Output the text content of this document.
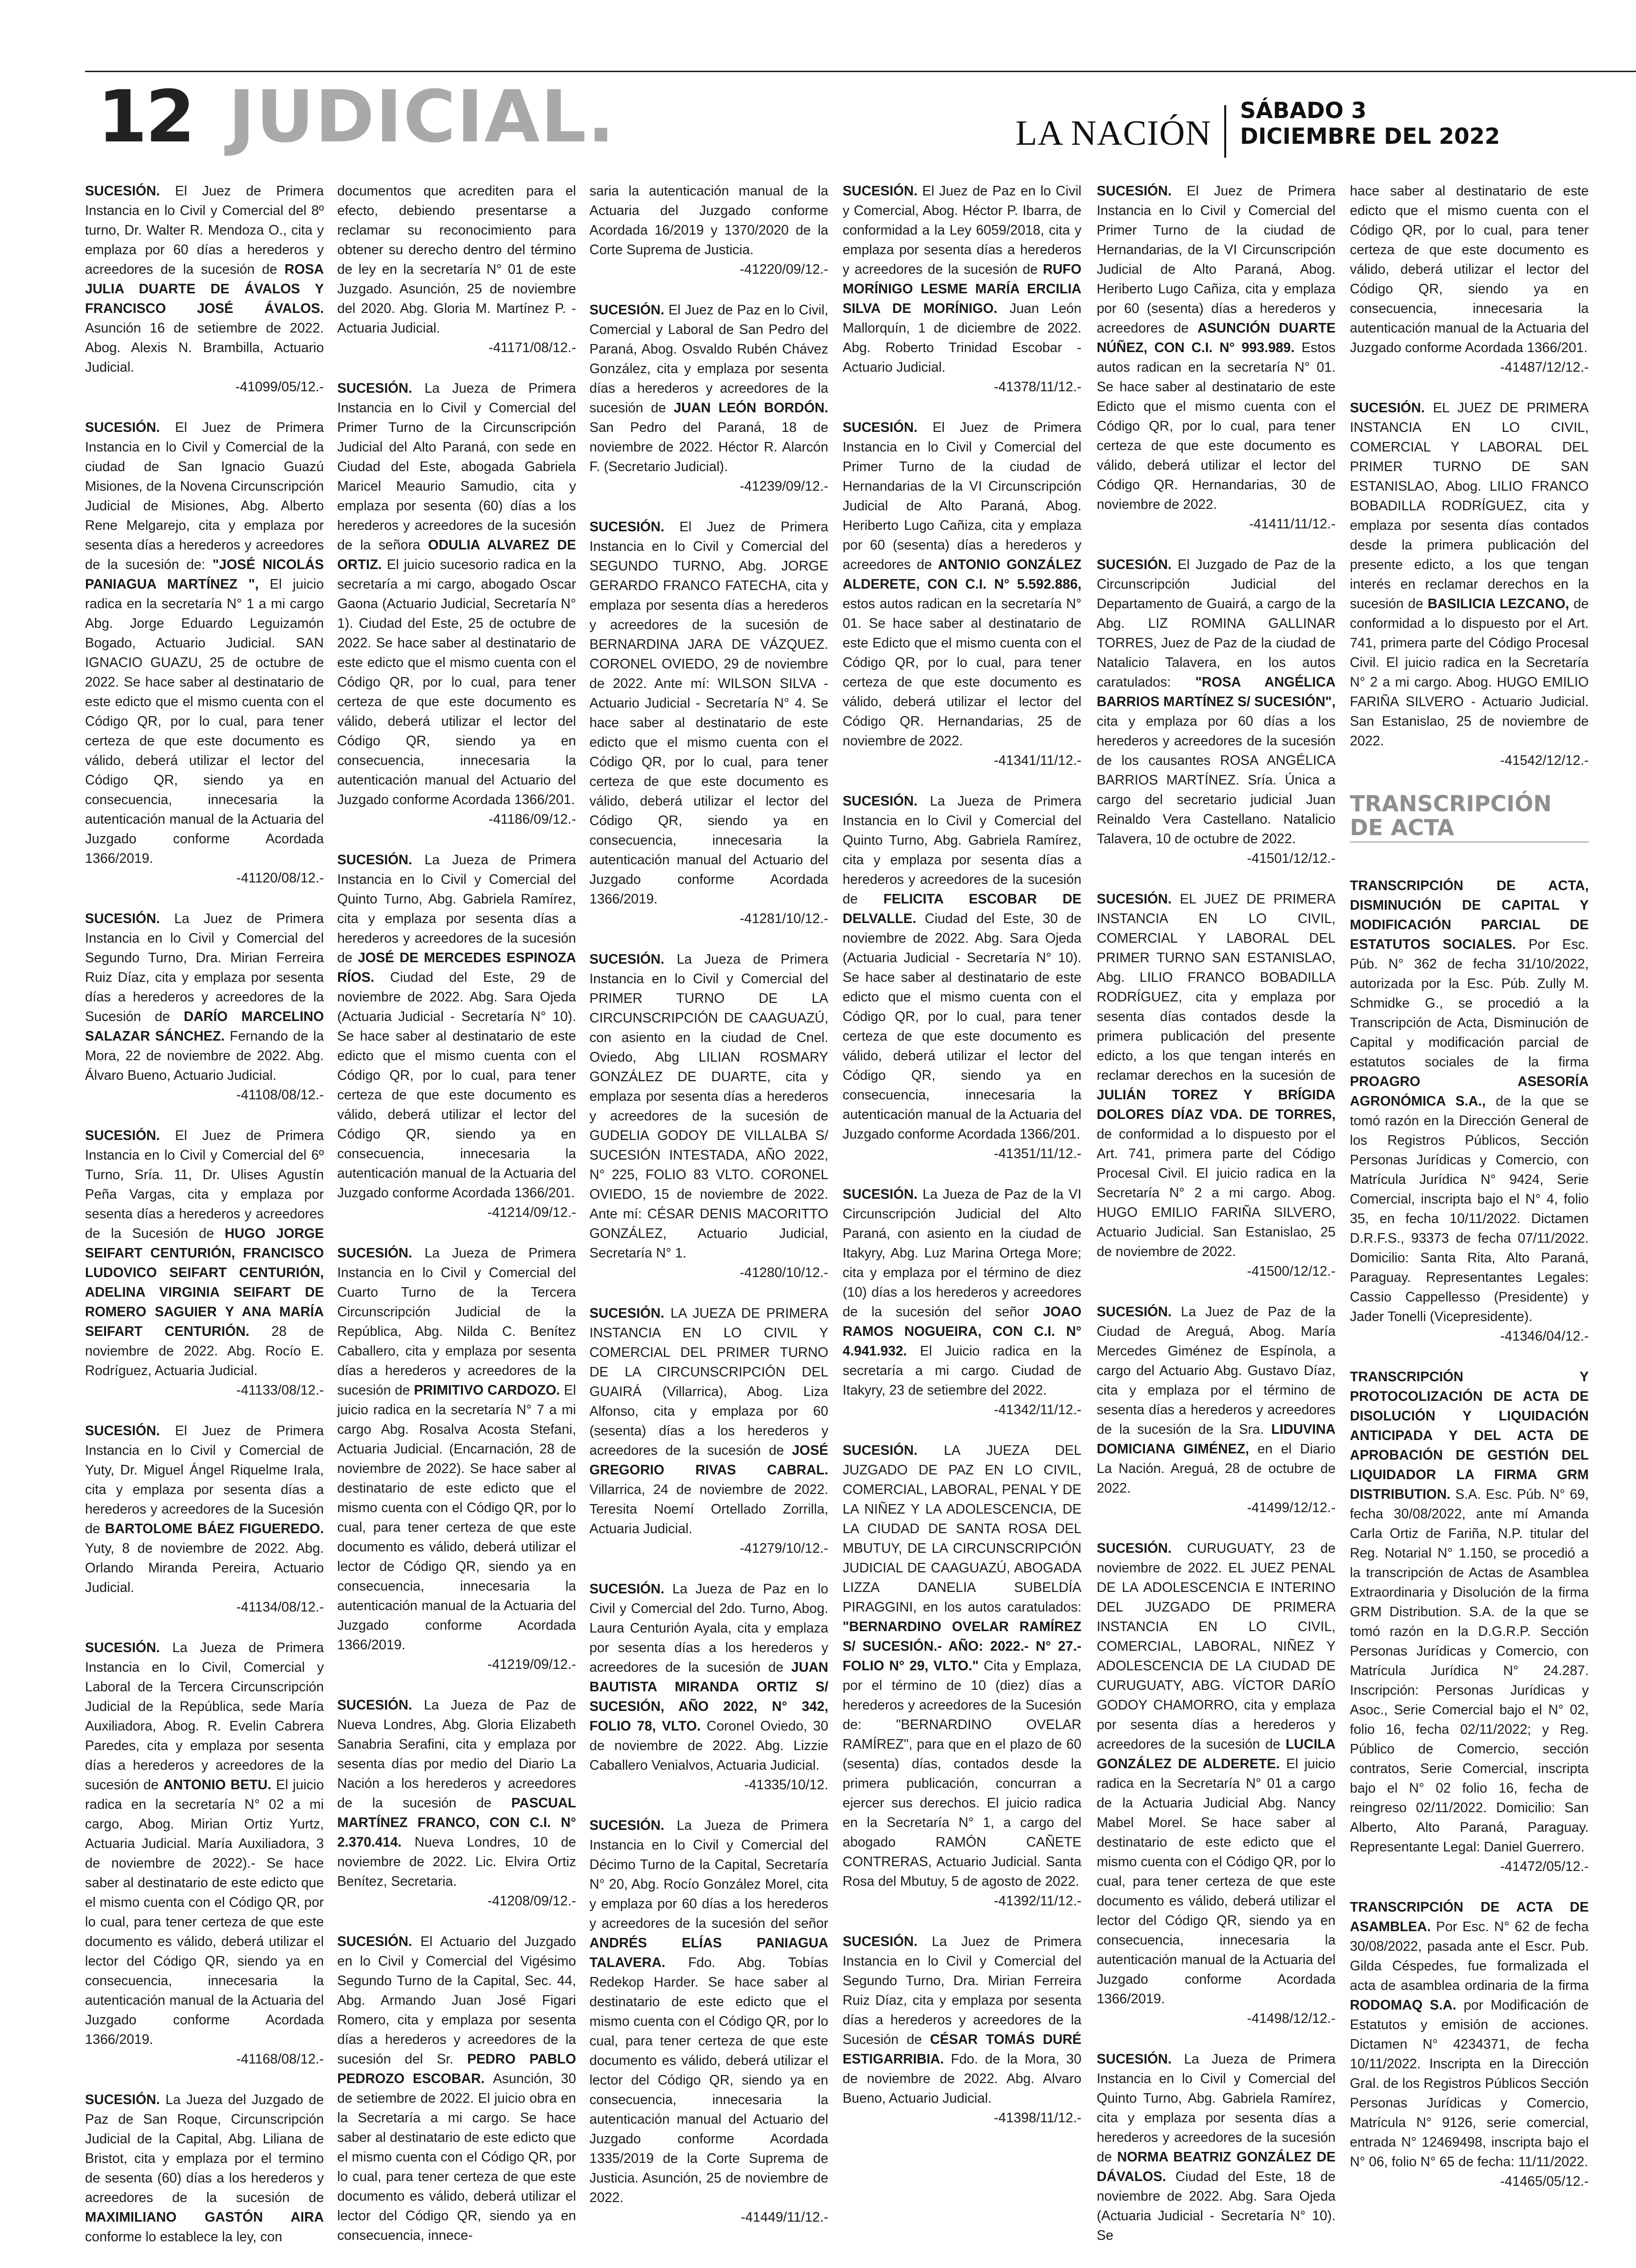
12 JUDICIAL.	LA NACIÓN
SÁBADO 3
DICIEMBRE DEL 2022
SUCESIÓN. El Juez de Primera Instancia en lo Civil y Comercial del 8º turno, Dr. Walter R. Mendoza O., cita y emplaza por 60 días a herederos y acreedores de la sucesión de ROSA JULIA DUARTE DE ÁVALOS Y FRANCISCO JOSÉ ÁVALOS. Asunción 16 de setiembre de 2022. Abog. Alexis N. Brambilla, Actuario Judicial.
-41099/05/12.-
SUCESIÓN. El Juez de Primera Instancia en lo Civil y Comercial de la ciudad de San Ignacio Guazú Misiones, de la Novena Circunscripción Judicial de Misiones, Abg. Alberto Rene Melgarejo, cita y emplaza por sesenta días a herederos y acreedores de la sucesión de: "JOSÉ NICOLÁS PANIAGUA MARTÍNEZ ", El juicio radica en la secretaría N° 1 a mi cargo Abg. Jorge Eduardo Leguizamón Bogado, Actuario Judicial. SAN IGNACIO GUAZU, 25 de octubre de 2022. Se hace saber al destinatario de este edicto que el mismo cuenta con el Código QR, por lo cual, para tener certeza de que este documento es válido, deberá utilizar el lector del Código QR, siendo ya en consecuencia, innecesaria la autenticación manual de la Actuaria del Juzgado conforme Acordada 1366/2019.
-41120/08/12.-
SUCESIÓN. La Juez de Primera Instancia en lo Civil y Comercial del Segundo Turno, Dra. Mirian Ferreira Ruiz Díaz, cita y emplaza por sesenta días a herederos y acreedores de la Sucesión de DARÍO MARCELINO SALAZAR SÁNCHEZ. Fernando de la Mora, 22 de noviembre de 2022. Abg. Álvaro Bueno, Actuario Judicial.
-41108/08/12.-
SUCESIÓN. El Juez de Primera Instancia en lo Civil y Comercial del 6º Turno, Sría. 11, Dr. Ulises Agustín Peña Vargas, cita y emplaza por sesenta días a herederos y acreedores de la Sucesión de HUGO JORGE SEIFART CENTURIÓN, FRANCISCO LUDOVICO SEIFART CENTURIÓN, ADELINA VIRGINIA SEIFART DE ROMERO SAGUIER Y ANA MARÍA SEIFART CENTURIÓN. 28 de noviembre de 2022. Abg. Rocío E. Rodríguez, Actuaria Judicial.
-41133/08/12.-
SUCESIÓN. El Juez de Primera Instancia en lo Civil y Comercial de Yuty, Dr. Miguel Ángel Riquelme Irala, cita y emplaza por sesenta días a herederos y acreedores de la Sucesión de BARTOLOME BÁEZ FIGUEREDO. Yuty, 8 de noviembre de 2022. Abg. Orlando Miranda Pereira, Actuario Judicial.
-41134/08/12.-
SUCESIÓN. La Jueza de Primera Instancia en lo Civil, Comercial y Laboral de la Tercera Circunscripción Judicial de la República, sede María Auxiliadora, Abog. R. Evelin Cabrera Paredes, cita y emplaza por sesenta días a herederos y acreedores de la sucesión de ANTONIO BETU. El juicio radica en la secretaría N° 02 a mi cargo, Abog. Mirian Ortiz Yurtz, Actuaria Judicial. María Auxiliadora, 3 de noviembre de 2022).- Se hace saber al destinatario de este edicto que el mismo cuenta con el Código QR, por lo cual, para tener certeza de que este documento es válido, deberá utilizar el lector del Código QR, siendo ya en consecuencia, innecesaria la autenticación manual de la Actuaria del Juzgado conforme Acordada 1366/2019.
-41168/08/12.-
SUCESIÓN. La Jueza del Juzgado de Paz de San Roque, Circunscripción Judicial de la Capital, Abg. Liliana de Bristot, cita y emplaza por el termino de sesenta (60) días a los herederos y acreedores de la sucesión de MAXIMILIANO GASTÓN AIRA conforme lo establece la ley, con
documentos que acrediten para el efecto, debiendo presentarse a reclamar su reconocimiento para obtener su derecho dentro del término de ley en la secretaría N° 01 de este Juzgado. Asunción, 25 de noviembre del 2020. Abg. Gloria M. Martínez P. - Actuaria Judicial.
-41171/08/12.-
SUCESIÓN. La Jueza de Primera Instancia en lo Civil y Comercial del Primer Turno de la Circunscripción Judicial del Alto Paraná, con sede en Ciudad del Este, abogada Gabriela Maricel Meaurio Samudio, cita y emplaza por sesenta (60) días a los herederos y acreedores de la sucesión de la señora ODULIA ALVAREZ DE ORTIZ. El juicio sucesorio radica en la secretaría a mi cargo, abogado Oscar Gaona (Actuario Judicial, Secretaría N° 1). Ciudad del Este, 25 de octubre de 2022. Se hace saber al destinatario de este edicto que el mismo cuenta con el Código QR, por lo cual, para tener certeza de que este documento es válido, deberá utilizar el lector del Código QR, siendo ya en consecuencia, innecesaria la autenticación manual del Actuario del Juzgado conforme Acordada 1366/201.
-41186/09/12.-
SUCESIÓN. La Jueza de Primera Instancia en lo Civil y Comercial del Quinto Turno, Abg. Gabriela Ramírez, cita y emplaza por sesenta días a herederos y acreedores de la sucesión de JOSÉ DE MERCEDES ESPINOZA RÍOS. Ciudad del Este, 29 de noviembre de 2022. Abg. Sara Ojeda (Actuaria Judicial - Secretaría N° 10). Se hace saber al destinatario de este edicto que el mismo cuenta con el Código QR, por lo cual, para tener certeza de que este documento es válido, deberá utilizar el lector del Código QR, siendo ya en consecuencia, innecesaria la autenticación manual de la Actuaria del Juzgado conforme Acordada 1366/201.
-41214/09/12.-
SUCESIÓN. La Jueza de Primera Instancia en lo Civil y Comercial del Cuarto Turno de la Tercera Circunscripción Judicial de la República, Abg. Nilda C. Benítez Caballero, cita y emplaza por sesenta días a herederos y acreedores de la sucesión de PRIMITIVO CARDOZO. El juicio radica en la secretaría N° 7 a mi cargo Abg. Rosalva Acosta Stefani, Actuaria Judicial. (Encarnación, 28 de noviembre de 2022). Se hace saber al destinatario de este edicto que el mismo cuenta con el Código QR, por lo cual, para tener certeza de que este documento es válido, deberá utilizar el lector de Código QR, siendo ya en consecuencia, innecesaria la autenticación manual de la Actuaria del Juzgado conforme Acordada 1366/2019.
-41219/09/12.-
SUCESIÓN. La Jueza de Paz de Nueva Londres, Abg. Gloria Elizabeth Sanabria Serafini, cita y emplaza por sesenta días por medio del Diario La Nación a los herederos y acreedores de la sucesión de PASCUAL MARTÍNEZ FRANCO, CON C.I. N° 2.370.414. Nueva Londres, 10 de noviembre de 2022. Lic. Elvira Ortiz Benítez, Secretaria.
-41208/09/12.-
SUCESIÓN. El Actuario del Juzgado en lo Civil y Comercial del Vigésimo Segundo Turno de la Capital, Sec. 44, Abg. Armando Juan José Figari Romero, cita y emplaza por sesenta días a herederos y acreedores de la sucesión del Sr. PEDRO PABLO PEDROZO ESCOBAR. Asunción, 30 de setiembre de 2022. El juicio obra en la Secretaría a mi cargo. Se hace saber al destinatario de este edicto que el mismo cuenta con el Código QR, por lo cual, para tener certeza de que este documento es válido, deberá utilizar el lector del Código QR, siendo ya en consecuencia, innece-
saria la autenticación manual de la Actuaria del Juzgado conforme Acordada 16/2019 y 1370/2020 de la Corte Suprema de Justicia.
-41220/09/12.-
SUCESIÓN. El Juez de Paz en lo Civil, Comercial y Laboral de San Pedro del Paraná, Abog. Osvaldo Rubén Chávez González, cita y emplaza por sesenta días a herederos y acreedores de la sucesión de JUAN LEÓN BORDÓN. San Pedro del Paraná, 18 de noviembre de 2022. Héctor R. Alarcón F. (Secretario Judicial).
-41239/09/12.-
SUCESIÓN. El Juez de Primera Instancia en lo Civil y Comercial del SEGUNDO TURNO, Abg. JORGE GERARDO FRANCO FATECHA, cita y emplaza por sesenta días a herederos y acreedores de la sucesión de BERNARDINA JARA DE VÁZQUEZ. CORONEL OVIEDO, 29 de noviembre de 2022. Ante mí: WILSON SILVA - Actuario Judicial - Secretaría N° 4. Se hace saber al destinatario de este edicto que el mismo cuenta con el Código QR, por lo cual, para tener certeza de que este documento es válido, deberá utilizar el lector del Código QR, siendo ya en consecuencia, innecesaria la autenticación manual del Actuario del Juzgado conforme Acordada 1366/2019.
-41281/10/12.-
SUCESIÓN. La Jueza de Primera Instancia en lo Civil y Comercial del PRIMER TURNO DE LA CIRCUNSCRIPCIÓN DE CAAGUAZÚ, con asiento en la ciudad de Cnel. Oviedo, Abg LILIAN ROSMARY GONZÁLEZ DE DUARTE, cita y emplaza por sesenta días a herederos y acreedores de la sucesión de GUDELIA GODOY DE VILLALBA S/ SUCESIÓN INTESTADA, AÑO 2022, N° 225, FOLIO 83 VLTO. CORONEL OVIEDO, 15 de noviembre de 2022. Ante mí: CÉSAR DENIS MACORITTO GONZÁLEZ, Actuario Judicial, Secretaría N° 1.
-41280/10/12.-
SUCESIÓN. LA JUEZA DE PRIMERA INSTANCIA EN LO CIVIL Y COMERCIAL DEL PRIMER TURNO DE LA CIRCUNSCRIPCIÓN DEL GUAIRÁ (Villarrica), Abog. Liza Alfonso, cita y emplaza por 60 (sesenta) días a los herederos y acreedores de la sucesión de JOSÉ GREGORIO RIVAS CABRAL. Villarrica, 24 de noviembre de 2022. Teresita Noemí Ortellado Zorrilla, Actuaria Judicial.
-41279/10/12.-
SUCESIÓN. La Jueza de Paz en lo Civil y Comercial del 2do. Turno, Abog. Laura Centurión Ayala, cita y emplaza por sesenta días a los herederos y acreedores de la sucesión de JUAN BAUTISTA MIRANDA ORTIZ S/ SUCESIÓN, AÑO 2022, N° 342, FOLIO 78, VLTO. Coronel Oviedo, 30 de noviembre de 2022. Abg. Lizzie Caballero Venialvos, Actuaria Judicial.
-41335/10/12.
SUCESIÓN. La Jueza de Primera Instancia en lo Civil y Comercial del Décimo Turno de la Capital, Secretaría N° 20, Abg. Rocío González Morel, cita y emplaza por 60 días a los herederos y acreedores de la sucesión del señor ANDRÉS ELÍAS PANIAGUA TALAVERA. Fdo. Abg. Tobías Redekop Harder. Se hace saber al destinatario de este edicto que el mismo cuenta con el Código QR, por lo cual, para tener certeza de que este documento es válido, deberá utilizar el lector del Código QR, siendo ya en consecuencia, innecesaria la autenticación manual del Actuario del Juzgado conforme Acordada 1335/2019 de la Corte Suprema de Justicia. Asunción, 25 de noviembre de 2022.
-41449/11/12.-
SUCESIÓN. El Juez de Paz en lo Civil y Comercial, Abog. Héctor P. Ibarra, de conformidad a la Ley 6059/2018, cita y emplaza por sesenta días a herederos y acreedores de la sucesión de RUFO MORÍNIGO LESME MARÍA ERCILIA SILVA DE MORÍNIGO. Juan León Mallorquín, 1 de diciembre de 2022. Abg. Roberto Trinidad Escobar - Actuario Judicial.
-41378/11/12.-
SUCESIÓN. El Juez de Primera Instancia en lo Civil y Comercial del Primer Turno de la ciudad de Hernandarias de la VI Circunscripción Judicial de Alto Paraná, Abog. Heriberto Lugo Cañiza, cita y emplaza por 60 (sesenta) días a herederos y acreedores de ANTONIO GONZÁLEZ ALDERETE, CON C.I. N° 5.592.886, estos autos radican en la secretaría N° 01. Se hace saber al destinatario de este Edicto que el mismo cuenta con el Código QR, por lo cual, para tener certeza de que este documento es válido, deberá utilizar el lector del Código QR. Hernandarias, 25 de noviembre de 2022.
-41341/11/12.-
SUCESIÓN. La Jueza de Primera Instancia en lo Civil y Comercial del Quinto Turno, Abg. Gabriela Ramírez, cita y emplaza por sesenta días a herederos y acreedores de la sucesión de FELICITA ESCOBAR DE DELVALLE. Ciudad del Este, 30 de noviembre de 2022. Abg. Sara Ojeda (Actuaria Judicial - Secretaría N° 10). Se hace saber al destinatario de este edicto que el mismo cuenta con el Código QR, por lo cual, para tener certeza de que este documento es válido, deberá utilizar el lector del Código QR, siendo ya en consecuencia, innecesaria la autenticación manual de la Actuaria del Juzgado conforme Acordada 1366/201.
-41351/11/12.-
SUCESIÓN. La Jueza de Paz de la VI Circunscripción Judicial del Alto Paraná, con asiento en la ciudad de Itakyry, Abg. Luz Marina Ortega More; cita y emplaza por el término de diez (10) días a los herederos y acreedores de la sucesión del señor JOAO RAMOS NOGUEIRA, CON C.I. N° 4.941.932. El Juicio radica en la secretaría a mi cargo. Ciudad de Itakyry, 23 de setiembre del 2022.
-41342/11/12.-
SUCESIÓN. LA JUEZA DEL JUZGADO DE PAZ EN LO CIVIL, COMERCIAL, LABORAL, PENAL Y DE LA NIÑEZ Y LA ADOLESCENCIA, DE LA CIUDAD DE SANTA ROSA DEL MBUTUY, DE LA CIRCUNSCRIPCIÓN JUDICIAL DE CAAGUAZÚ, ABOGADA LIZZA DANELIA SUBELDÍA PIRAGGINI, en los autos caratulados: "BERNARDINO OVELAR RAMÍREZ S/ SUCESIÓN.- AÑO: 2022.- N° 27.- FOLIO N° 29, VLTO." Cita y Emplaza, por el término de 10 (diez) días a herederos y acreedores de la Sucesión de: "BERNARDINO OVELAR RAMÍREZ", para que en el plazo de 60 (sesenta) días, contados desde la primera publicación, concurran a ejercer sus derechos. El juicio radica en la Secretaría N° 1, a cargo del abogado RAMÓN CAÑETE CONTRERAS, Actuario Judicial. Santa Rosa del Mbutuy, 5 de agosto de 2022.
-41392/11/12.-
SUCESIÓN. La Juez de Primera Instancia en lo Civil y Comercial del Segundo Turno, Dra. Mirian Ferreira Ruiz Díaz, cita y emplaza por sesenta días a herederos y acreedores de la Sucesión de CÉSAR TOMÁS DURÉ ESTIGARRIBIA. Fdo. de la Mora, 30 de noviembre de 2022. Abg. Alvaro Bueno, Actuario Judicial.
-41398/11/12.-
SUCESIÓN. El Juez de Primera Instancia en lo Civil y Comercial del Primer Turno de la ciudad de Hernandarias, de la VI Circunscripción Judicial de Alto Paraná, Abog. Heriberto Lugo Cañiza, cita y emplaza por 60 (sesenta) días a herederos y acreedores de ASUNCIÓN DUARTE NÚÑEZ, CON C.I. N° 993.989. Estos autos radican en la secretaría N° 01. Se hace saber al destinatario de este Edicto que el mismo cuenta con el Código QR, por lo cual, para tener certeza de que este documento es válido, deberá utilizar el lector del Código QR. Hernandarias, 30 de noviembre de 2022.
-41411/11/12.-
SUCESIÓN. El Juzgado de Paz de la Circunscripción Judicial del Departamento de Guairá, a cargo de la Abg. LIZ ROMINA GALLINAR TORRES, Juez de Paz de la ciudad de Natalicio Talavera, en los autos caratulados: "ROSA ANGÉLICA BARRIOS MARTÍNEZ S/ SUCESIÓN", cita y emplaza por 60 días a los herederos y acreedores de la sucesión de los causantes ROSA ANGÉLICA BARRIOS MARTÍNEZ. Sría. Única a cargo del secretario judicial Juan Reinaldo Vera Castellano. Natalicio Talavera, 10 de octubre de 2022.
-41501/12/12.-
SUCESIÓN. EL JUEZ DE PRIMERA INSTANCIA EN LO CIVIL, COMERCIAL Y LABORAL DEL PRIMER TURNO SAN ESTANISLAO, Abg. LILIO FRANCO BOBADILLA RODRÍGUEZ, cita y emplaza por sesenta días contados desde la primera publicación del presente edicto, a los que tengan interés en reclamar derechos en la sucesión de JULIÁN TOREZ Y BRÍGIDA DOLORES DÍAZ VDA. DE TORRES, de conformidad a lo dispuesto por el Art. 741, primera parte del Código Procesal Civil. El juicio radica en la Secretaría N° 2 a mi cargo. Abog. HUGO EMILIO FARIÑA SILVERO, Actuario Judicial. San Estanislao, 25 de noviembre de 2022.
-41500/12/12.-
SUCESIÓN. La Juez de Paz de la Ciudad de Areguá, Abog. María Mercedes Giménez de Espínola, a cargo del Actuario Abg. Gustavo Díaz, cita y emplaza por el término de sesenta días a herederos y acreedores de la sucesión de la Sra. LIDUVINA DOMICIANA GIMÉNEZ, en el Diario La Nación. Areguá, 28 de octubre de 2022.
-41499/12/12.-
SUCESIÓN. CURUGUATY, 23 de noviembre de 2022. EL JUEZ PENAL DE LA ADOLESCENCIA E INTERINO DEL JUZGADO DE PRIMERA INSTANCIA EN LO CIVIL, COMERCIAL, LABORAL, NIÑEZ Y ADOLESCENCIA DE LA CIUDAD DE CURUGUATY, ABG. VÍCTOR DARÍO GODOY CHAMORRO, cita y emplaza por sesenta días a herederos y acreedores de la sucesión de LUCILA GONZÁLEZ DE ALDERETE. El juicio radica en la Secretaría N° 01 a cargo de la Actuaria Judicial Abg. Nancy Mabel Morel. Se hace saber al destinatario de este edicto que el mismo cuenta con el Código QR, por lo cual, para tener certeza de que este documento es válido, deberá utilizar el lector del Código QR, siendo ya en consecuencia, innecesaria la autenticación manual de la Actuaria del Juzgado conforme Acordada 1366/2019.
-41498/12/12.-
SUCESIÓN. La Jueza de Primera Instancia en lo Civil y Comercial del Quinto Turno, Abg. Gabriela Ramírez, cita y emplaza por sesenta días a herederos y acreedores de la sucesión de NORMA BEATRIZ GONZÁLEZ DE DÁVALOS. Ciudad del Este, 18 de noviembre de 2022. Abg. Sara Ojeda (Actuaria Judicial - Secretaría N° 10). Se
hace saber al destinatario de este edicto que el mismo cuenta con el Código QR, por lo cual, para tener certeza de que este documento es válido, deberá utilizar el lector del Código QR, siendo ya en consecuencia, innecesaria la autenticación manual de la Actuaria del Juzgado conforme Acordada 1366/201.
-41487/12/12.-
SUCESIÓN. EL JUEZ DE PRIMERA INSTANCIA EN LO CIVIL, COMERCIAL Y LABORAL DEL PRIMER TURNO DE SAN ESTANISLAO, Abog. LILIO FRANCO BOBADILLA RODRÍGUEZ, cita y emplaza por sesenta días contados desde la primera publicación del presente edicto, a los que tengan interés en reclamar derechos en la sucesión de BASILICIA LEZCANO, de conformidad a lo dispuesto por el Art. 741, primera parte del Código Procesal Civil. El juicio radica en la Secretaría N° 2 a mi cargo. Abog. HUGO EMILIO FARIÑA SILVERO - Actuario Judicial. San Estanislao, 25 de noviembre de 2022.
-41542/12/12.-
TRANSCRIPCIÓN DE ACTA
TRANSCRIPCIÓN DE ACTA, DISMINUCIÓN DE CAPITAL Y MODIFICACIÓN PARCIAL DE ESTATUTOS SOCIALES. Por Esc. Púb. N° 362 de fecha 31/10/2022, autorizada por la Esc. Púb. Zully M. Schmidke G., se procedió a la Transcripción de Acta, Disminución de Capital y modificación parcial de estatutos sociales de la firma PROAGRO ASESORÍA AGRONÓMICA S.A., de la que se tomó razón en la Dirección General de los Registros Públicos, Sección Personas Jurídicas y Comercio, con Matrícula Jurídica N° 9424, Serie Comercial, inscripta bajo el N° 4, folio 35, en fecha 10/11/2022. Dictamen D.R.F.S., 93373 de fecha 07/11/2022. Domicilio: Santa Rita, Alto Paraná, Paraguay. Representantes Legales: Cassio Cappellesso (Presidente) y Jader Tonelli (Vicepresidente).
-41346/04/12.-
TRANSCRIPCIÓN Y PROTOCOLIZACIÓN DE ACTA DE DISOLUCIÓN Y LIQUIDACIÓN ANTICIPADA Y DEL ACTA DE APROBACIÓN DE GESTIÓN DEL LIQUIDADOR LA FIRMA GRM DISTRIBUTION. S.A. Esc. Púb. N° 69, fecha 30/08/2022, ante mí Amanda Carla Ortiz de Fariña, N.P. titular del Reg. Notarial N° 1.150, se procedió a la transcripción de Actas de Asamblea Extraordinaria y Disolución de la firma GRM Distribution. S.A. de la que se tomó razón en la D.G.R.P. Sección Personas Jurídicas y Comercio, con Matrícula Jurídica N° 24.287. Inscripción: Personas Jurídicas y Asoc., Serie Comercial bajo el N° 02, folio 16, fecha 02/11/2022; y Reg. Público de Comercio, sección contratos, Serie Comercial, inscripta bajo el N° 02 folio 16, fecha de reingreso 02/11/2022. Domicilio: San Alberto, Alto Paraná, Paraguay. Representante Legal: Daniel Guerrero.
-41472/05/12.-
TRANSCRIPCIÓN DE ACTA DE ASAMBLEA. Por Esc. N° 62 de fecha 30/08/2022, pasada ante el Escr. Pub. Gilda Céspedes, fue formalizada el acta de asamblea ordinaria de la firma RODOMAQ S.A. por Modificación de Estatutos y emisión de acciones. Dictamen N° 4234371, de fecha 10/11/2022. Inscripta en la Dirección Gral. de los Registros Públicos Sección Personas Jurídicas y Comercio, Matrícula N° 9126, serie comercial, entrada N° 12469498, inscripta bajo el N° 06, folio N° 65 de fecha: 11/11/2022.
-41465/05/12.-
